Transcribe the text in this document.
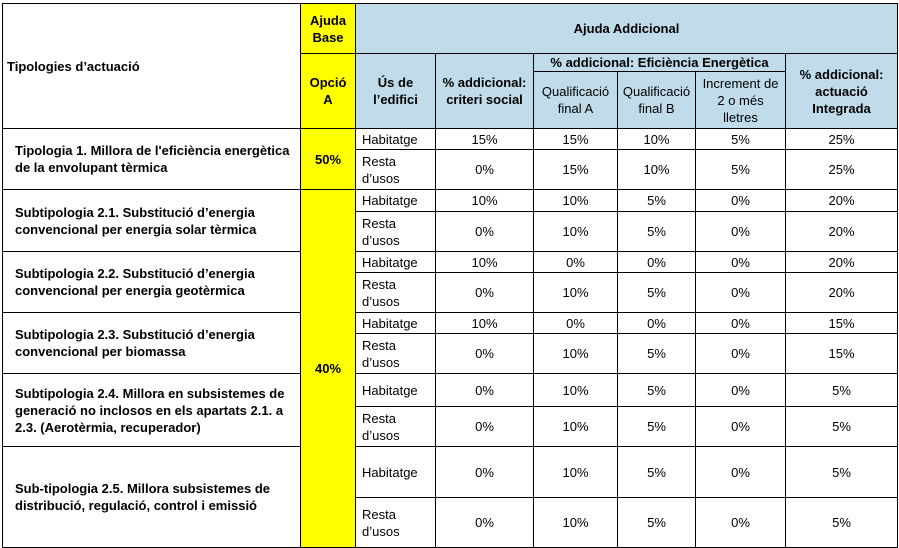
Tipologies d’actuació	Ajuda Base	Ajuda Addicional					
	Opció A	Ús de l’edifici	% addicional: criteri social	% addicional: Eficiència Energètica			% addicional: actuació Integrada
				Qualificació final A	Qualificació final B	Increment de 2 o més lletres	
Tipologia 1. Millora de l'eficiència energètica de la envolupant tèrmica	50%	Habitatge	15%	15%	10%	5%	25%
		Resta d’usos	0%	15%	10%	5%	25%
Subtipologia 2.1. Substitució d’energia convencional per energia solar tèrmica	40%	Habitatge	10%	10%	5%	0%	20%
		Resta d’usos	0%	10%	5%	0%	20%
Subtipologia 2.2. Substitució d’energia convencional per energia geotèrmica		Habitatge	10%	0%	0%	0%	20%
		Resta d’usos	0%	10%	5%	0%	20%
Subtipologia 2.3. Substitució d’energia convencional per biomassa		Habitatge	10%	0%	0%	0%	15%
		Resta d’usos	0%	10%	5%	0%	15%
Subtipologia 2.4. Millora en subsistemes de generació no inclosos en els apartats 2.1. a 2.3. (Aerotèrmia, recuperador)		Habitatge	0%	10%	5%	0%	5%
		Resta d’usos	0%	10%	5%	0%	5%
Sub-tipologia 2.5. Millora subsistemes de distribució, regulació, control i emissió		Habitatge	0%	10%	5%	0%	5%
		Resta d’usos	0%	10%	5%	0%	5%
